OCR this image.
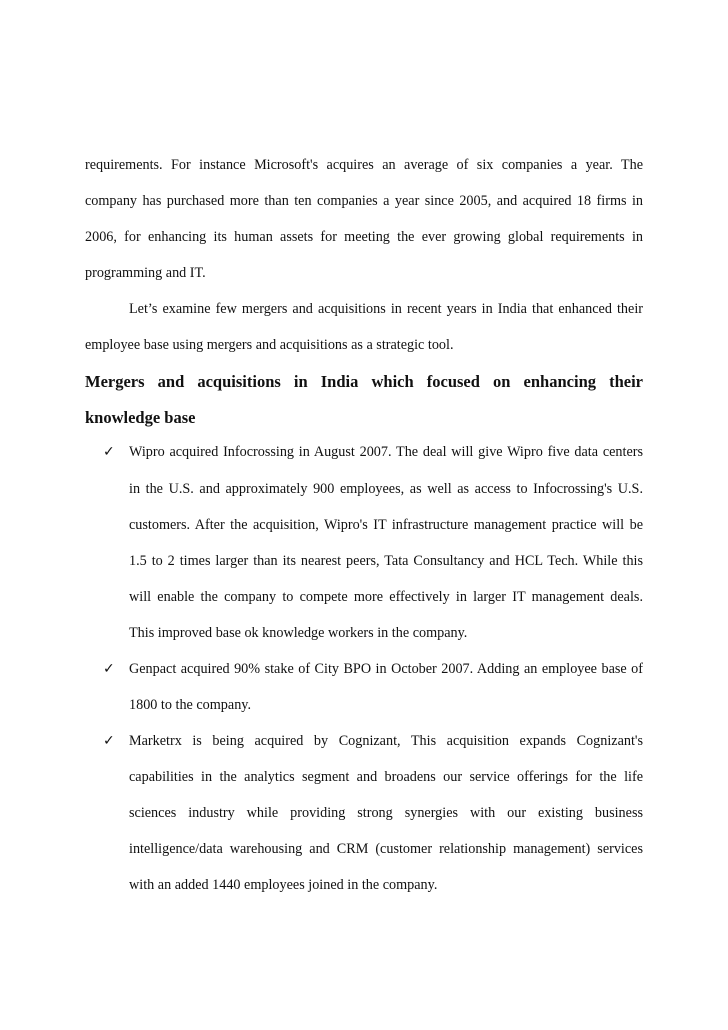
requirements. For instance Microsoft's acquires an average of six companies a year. The
company has purchased more than ten companies a year since 2005, and acquired 18 firms in
2006, for enhancing its human assets for meeting the ever growing global requirements in
programming and IT.
Let’s examine few mergers and acquisitions in recent years in India that enhanced their
employee base using mergers and acquisitions as a strategic tool.
Mergers and acquisitions in India which focused on enhancing their
knowledge base
✓ Wipro acquired Infocrossing in August 2007. The deal will give Wipro five data centers
in the U.S. and approximately 900 employees, as well as access to Infocrossing's U.S.
customers. After the acquisition, Wipro's IT infrastructure management practice will be
1.5 to 2 times larger than its nearest peers, Tata Consultancy and HCL Tech. While this
will enable the company to compete more effectively in larger IT management deals.
This improved base ok knowledge workers in the company.
✓ Genpact acquired 90% stake of City BPO in October 2007. Adding an employee base of
1800 to the company.
✓ Marketrx is being acquired by Cognizant, This acquisition expands Cognizant's
capabilities in the analytics segment and broadens our service offerings for the life
sciences industry while providing strong synergies with our existing business
intelligence/data warehousing and CRM (customer relationship management) services
with an added 1440 employees joined in the company.
